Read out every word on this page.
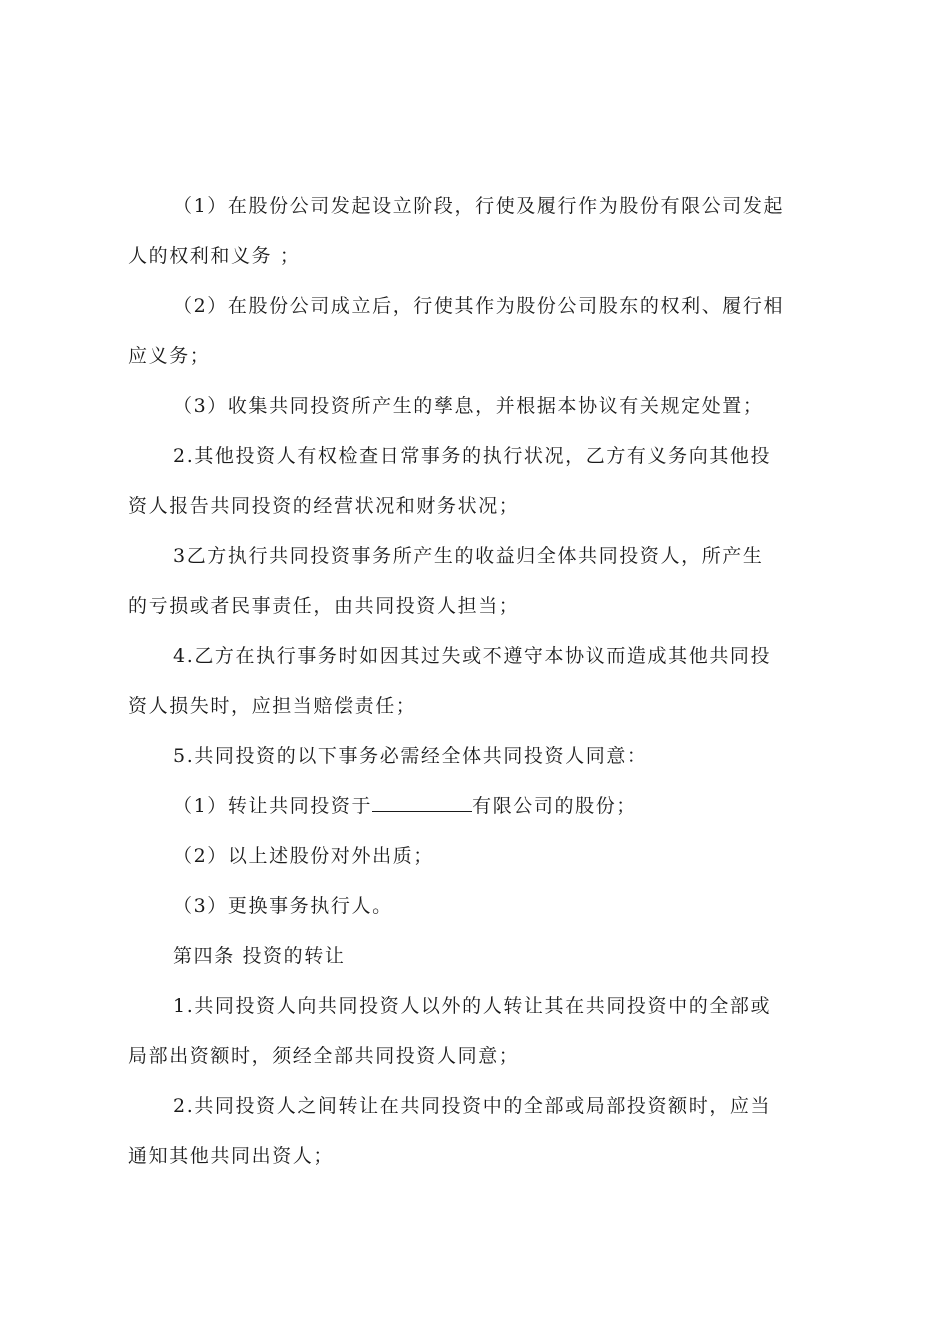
（1）在股份公司发起设立阶段，行使及履行作为股份有限公司发起
人的权利和义务 ；
（2）在股份公司成立后，行使其作为股份公司股东的权利、履行相
应义务；
（3）收集共同投资所产生的孳息，并根据本协议有关规定处置；
2.其他投资人有权检查日常事务的执行状况，乙方有义务向其他投
资人报告共同投资的经营状况和财务状况；
3乙方执行共同投资事务所产生的收益归全体共同投资人，所产生
的亏损或者民事责任，由共同投资人担当；
4.乙方在执行事务时如因其过失或不遵守本协议而造成其他共同投
资人损失时，应担当赔偿责任；
5.共同投资的以下事务必需经全体共同投资人同意：
（1）转让共同投资于	有限公司的股份；
（2）以上述股份对外出质；
（3）更换事务执行人。
第四条 投资的转让
1.共同投资人向共同投资人以外的人转让其在共同投资中的全部或
局部出资额时，须经全部共同投资人同意；
2.共同投资人之间转让在共同投资中的全部或局部投资额时，应当
通知其他共同出资人；
